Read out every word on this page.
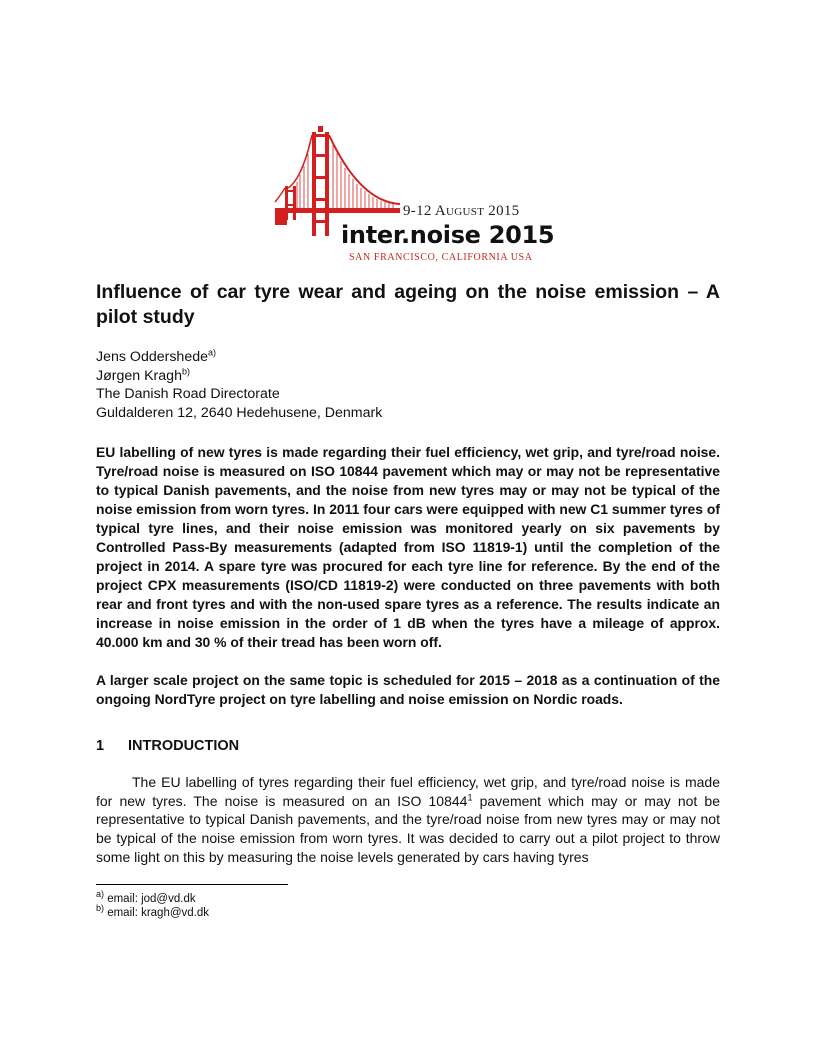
9-12 August 2015
inter.noise 2015
SAN FRANCISCO, CALIFORNIA USA
Influence of car tyre wear and ageing on the noise emission – A pilot study
Jens Oddershede$^{a)}$
Jørgen Kragh$^{b)}$
The Danish Road Directorate
Guldalderen 12, 2640 Hedehusene, Denmark

EU labelling of new tyres is made regarding their fuel efficiency, wet grip, and tyre/road noise. Tyre/road noise is measured on ISO 10844 pavement which may or may not be representative to typical Danish pavements, and the noise from new tyres may or may not be typical of the noise emission from worn tyres. In 2011 four cars were equipped with new C1 summer tyres of typical tyre lines, and their noise emission was monitored yearly on six pavements by Controlled Pass-By measurements (adapted from ISO 11819-1) until the completion of the project in 2014. A spare tyre was procured for each tyre line for reference. By the end of the project CPX measurements (ISO/CD 11819-2) were conducted on three pavements with both rear and front tyres and with the non-used spare tyres as a reference. The results indicate an increase in noise emission in the order of 1 dB when the tyres have a mileage of approx. 40.000 km and 30 % of their tread has been worn off.

A larger scale project on the same topic is scheduled for 2015 – 2018 as a continuation of the ongoing NordTyre project on tyre labelling and noise emission on Nordic roads.

1 INTRODUCTION

The EU labelling of tyres regarding their fuel efficiency, wet grip, and tyre/road noise is made for new tyres. The noise is measured on an ISO 10844$^1$ pavement which may or may not be representative to typical Danish pavements, and the tyre/road noise from new tyres may or may not be typical of the noise emission from worn tyres. It was decided to carry out a pilot project to throw some light on this by measuring the noise levels generated by cars having tyres

$^{a)}$ email: jod@vd.dk
$^{b)}$ email: kragh@vd.dk
